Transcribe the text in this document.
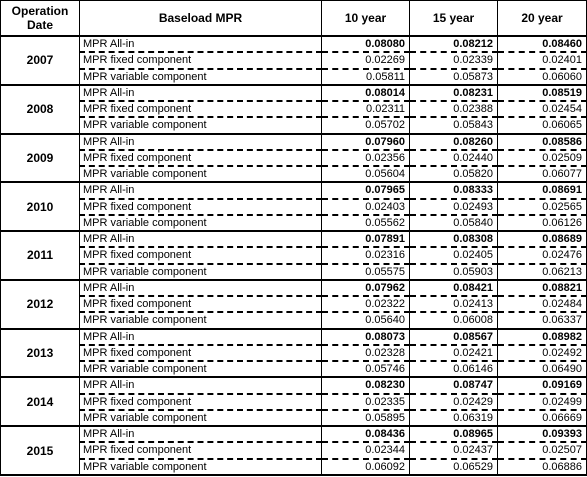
Operation Date	Baseload MPR	10 year	15 year	20 year
2007	MPR All-in	0.08080	0.08212	0.08460
	MPR fixed component	0.02269	0.02339	0.02401
	MPR variable component	0.05811	0.05873	0.06060
2008	MPR All-in	0.08014	0.08231	0.08519
	MPR fixed component	0.02311	0.02388	0.02454
	MPR variable component	0.05702	0.05843	0.06065
2009	MPR All-in	0.07960	0.08260	0.08586
	MPR fixed component	0.02356	0.02440	0.02509
	MPR variable component	0.05604	0.05820	0.06077
2010	MPR All-in	0.07965	0.08333	0.08691
	MPR fixed component	0.02403	0.02493	0.02565
	MPR variable component	0.05562	0.05840	0.06126
2011	MPR All-in	0.07891	0.08308	0.08689
	MPR fixed component	0.02316	0.02405	0.02476
	MPR variable component	0.05575	0.05903	0.06213
2012	MPR All-in	0.07962	0.08421	0.08821
	MPR fixed component	0.02322	0.02413	0.02484
	MPR variable component	0.05640	0.06008	0.06337
2013	MPR All-in	0.08073	0.08567	0.08982
	MPR fixed component	0.02328	0.02421	0.02492
	MPR variable component	0.05746	0.06146	0.06490
2014	MPR All-in	0.08230	0.08747	0.09169
	MPR fixed component	0.02335	0.02429	0.02499
	MPR variable component	0.05895	0.06319	0.06669
2015	MPR All-in	0.08436	0.08965	0.09393
	MPR fixed component	0.02344	0.02437	0.02507
	MPR variable component	0.06092	0.06529	0.06886
